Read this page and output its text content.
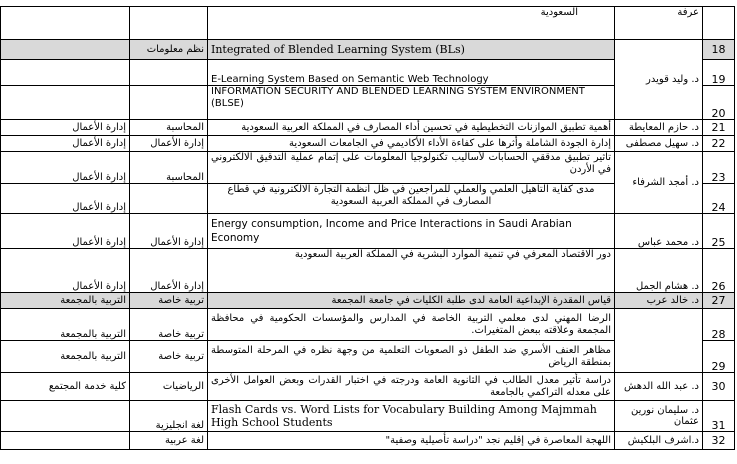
		السعودية	عرفة	
	نظم معلومات	Integrated of Blended Learning System (BLs)	د. وليد قويدر	18
		E-Learning System Based on Semantic Web Technology		19
		INFORMATION SECURITY AND BLENDED LEARNING SYSTEM ENVIRONMENT (BLSE)		20
إدارة الأعمال	المحاسبة	أهمية تطبيق الموازنات التخطيطية في تحسين أداء المصارف في المملكة العربية السعودية	د. حازم المعايطة	21
إدارة الأعمال	إدارة الأعمال	إدارة الجودة الشاملة وأثرها على كفاءة الأداء الأكاديمي في الجامعات السعودية	د. سهيل مصطفى	22
إدارة الأعمال	المحاسبة	تأثير تطبيق مدققي الحسابات لأساليب تكنولوجيا المعلومات على إتمام عملية التدقيق الالكتروني في الأردن	د. أمجد الشرفاء	23
إدارة الأعمال		مدى كفاية التأهيل العلمي والعملي للمراجعين في ظل أنظمة التجارة الالكترونية في قطاع المصارف في المملكة العربية السعودية		24
إدارة الأعمال	إدارة الأعمال	Energy consumption, Income and Price Interactions in Saudi Arabian Economy	د. محمد عباس	25
إدارة الأعمال	إدارة الأعمال	دور الاقتصاد المعرفي في تنمية الموارد البشرية في المملكة العربية السعودية	د. هشام الجمل	26
التربية بالمجمعة	تربية خاصة	قياس المقدرة الإبداعية العامة لدى طلبة الكليات في جامعة المجمعة	د. خالد عرب	27
التربية بالمجمعة	تربية خاصة	الرضا المهني لدى معلمي التربية الخاصة في المدارس والمؤسسات الحكومية في محافظة المجمعة وعلاقته ببعض المتغيرات.		28
التربية بالمجمعة	تربية خاصة	مظاهر العنف الأسري ضد الطفل ذو الصعوبات التعلمية من وجهة نظره في المرحلة المتوسطة بمنطقة الرياض		29
كلية خدمة المجتمع	الرياضيات	دراسة تأثير معدل الطالب في الثانوية العامة ودرجته في اختبار القدرات وبعض العوامل الأخرى على معدله التراكمي بالجامعة	د. عبد الله الدهش	30
	لغة انجليزية	Flash Cards vs. Word Lists for Vocabulary Building Among Majmmah High School Students	د. سليمان نورين عثمان	31
	لغة عربية	اللهجة المعاصرة في إقليم نجد "دراسة تأصيلية وصفية"	د.اشرف البلكيش	32
